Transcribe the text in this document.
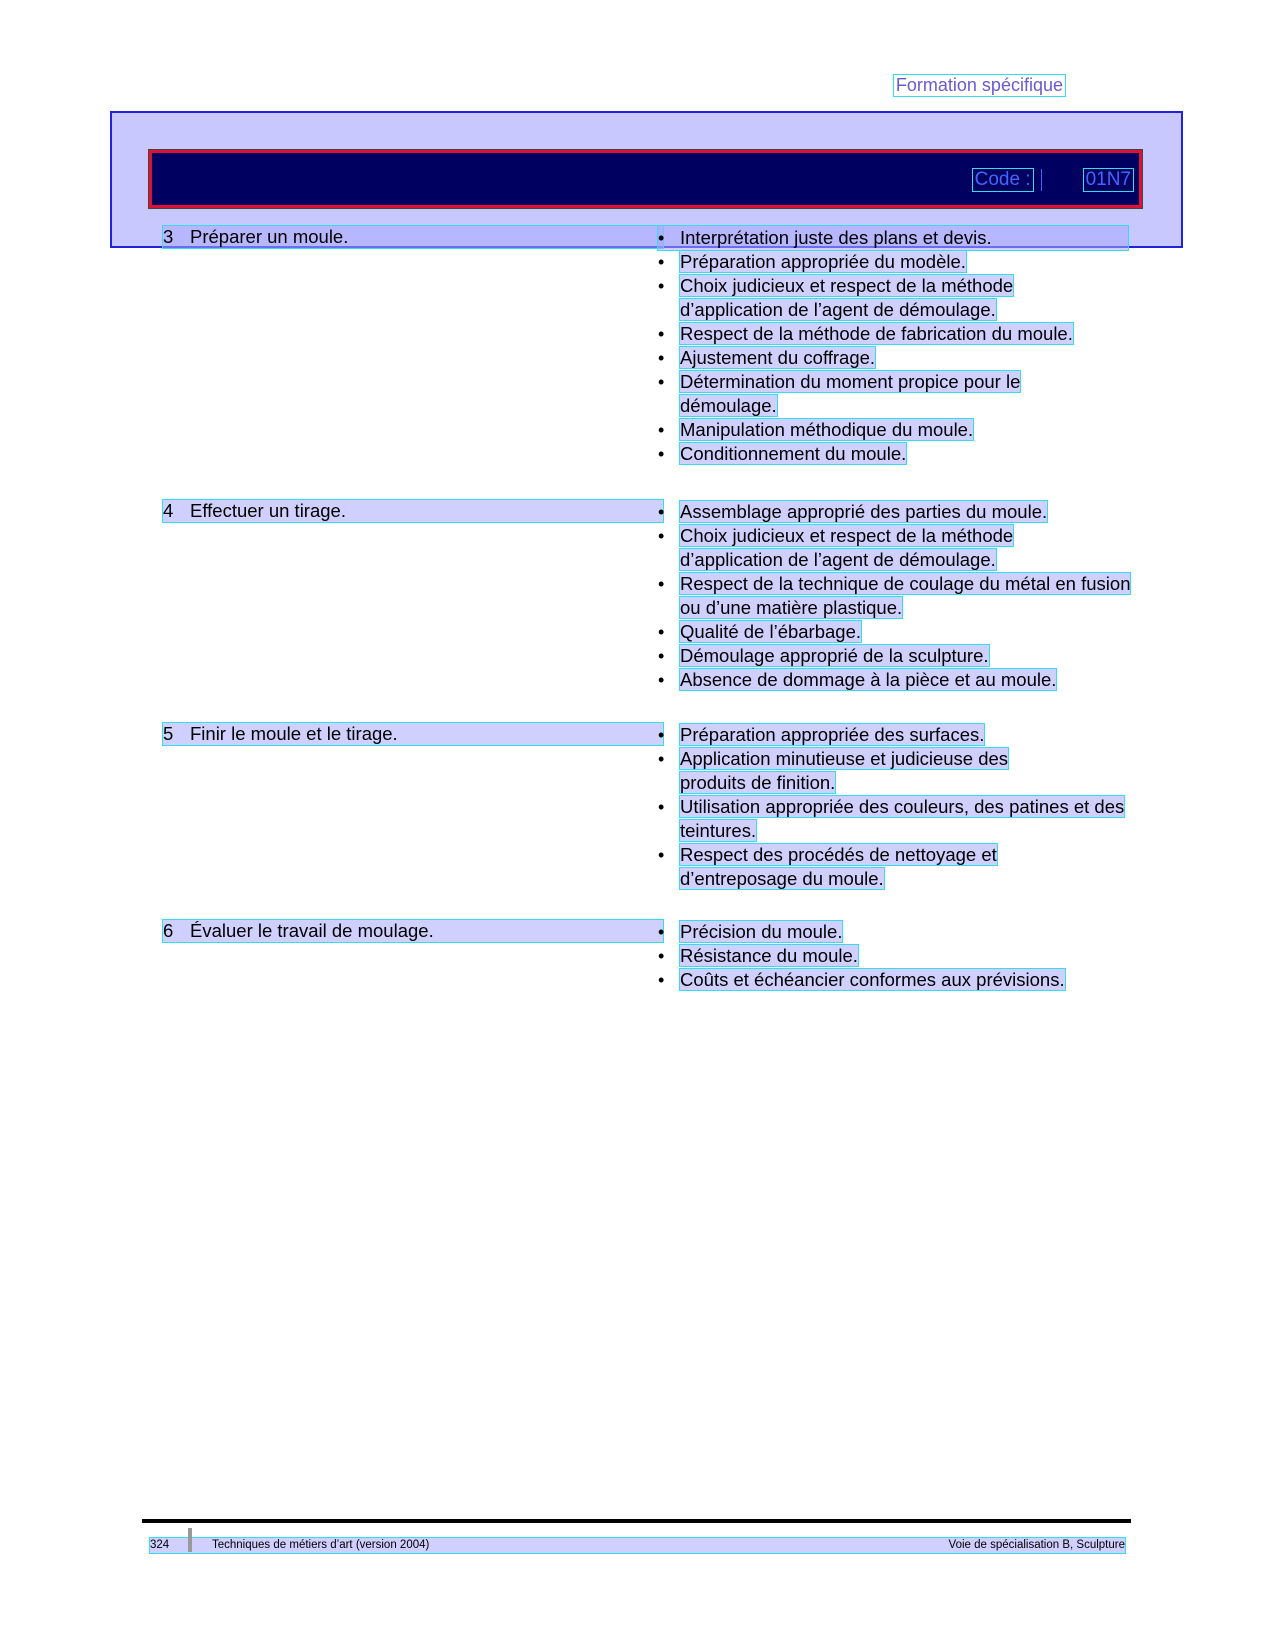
Formation spécifique
Code :	01N7
3 Préparer un moule.	• Interprétation juste des plans et devis.
• Préparation appropriée du modèle.
• Choix judicieux et respect de la méthode d’application de l’agent de démoulage.
• Respect de la méthode de fabrication du moule.
• Ajustement du coffrage.
• Détermination du moment propice pour le démoulage.
• Manipulation méthodique du moule.
• Conditionnement du moule.
4 Effectuer un tirage.	• Assemblage approprié des parties du moule.
• Choix judicieux et respect de la méthode d’application de l’agent de démoulage.
• Respect de la technique de coulage du métal en fusion ou d’une matière plastique.
• Qualité de l’ébarbage.
• Démoulage approprié de la sculpture.
• Absence de dommage à la pièce et au moule.
5 Finir le moule et le tirage.	• Préparation appropriée des surfaces.
• Application minutieuse et judicieuse des produits de finition.
• Utilisation appropriée des couleurs, des patines et des teintures.
• Respect des procédés de nettoyage et d’entreposage du moule.
6 Évaluer le travail de moulage.	• Précision du moule.
• Résistance du moule.
• Coûts et échéancier conformes aux prévisions.
324	Techniques de métiers d’art (version 2004)	Voie de spécialisation B, Sculpture
